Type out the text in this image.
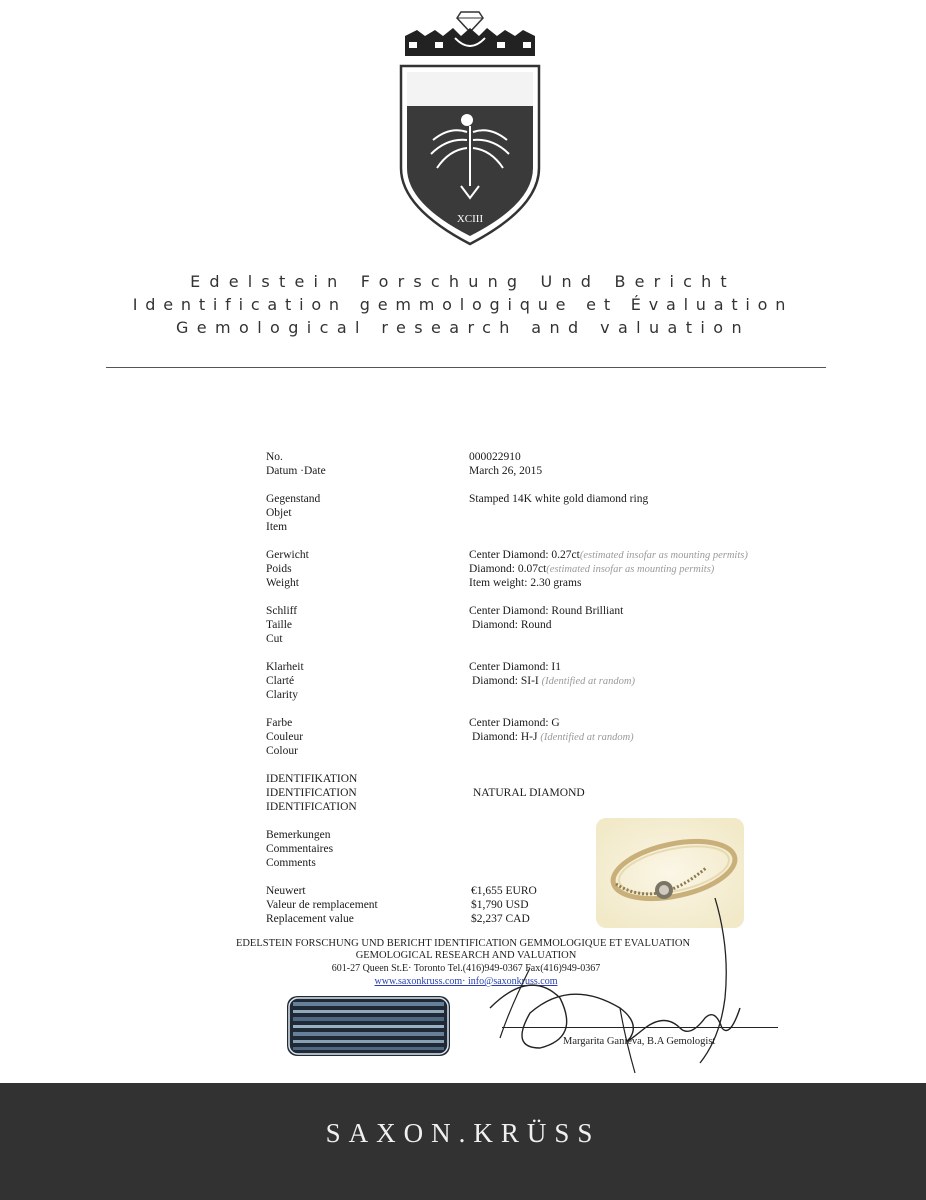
XCIII
Edelstein Forschung Und Bericht
Identification gemmologique et Évaluation
Gemological research and valuation
No.	000022910
Datum ·Date	March 26, 2015
Gegenstand
Objet
Item
Stamped 14K white gold diamond ring
Gerwicht
Poids
Weight
Center Diamond: 0.27ct(estimated insofar as mounting permits)
Diamond: 0.07ct(estimated insofar as mounting permits)
Item weight: 2.30 grams
Schliff
Taille
Cut
Center Diamond: Round Brilliant
Diamond: Round
Klarheit
Clarté
Clarity
Center Diamond: I1
Diamond: SI-I (Identified at random)
Farbe
Couleur
Colour
Center Diamond: G
Diamond: H-J (Identified at random)
IDENTIFIKATION
IDENTIFICATION
IDENTIFICATION
NATURAL DIAMOND
Bemerkungen
Commentaires
Comments
Neuwert
Valeur de remplacement
Replacement value
€1,655 EURO
$1,790 USD
$2,237 CAD
EDELSTEIN FORSCHUNG UND BERICHT IDENTIFICATION GEMMOLOGIQUE ET EVALUATION
GEMOLOGICAL RESEARCH AND VALUATION
601-27 Queen St.E· Toronto Tel.(416)949-0367 Fax(416)949-0367
www.saxonkruss.com· info@saxonkruss.com
Margarita Ganieva, B.A Gemologist
SAXON.KRÜSS
